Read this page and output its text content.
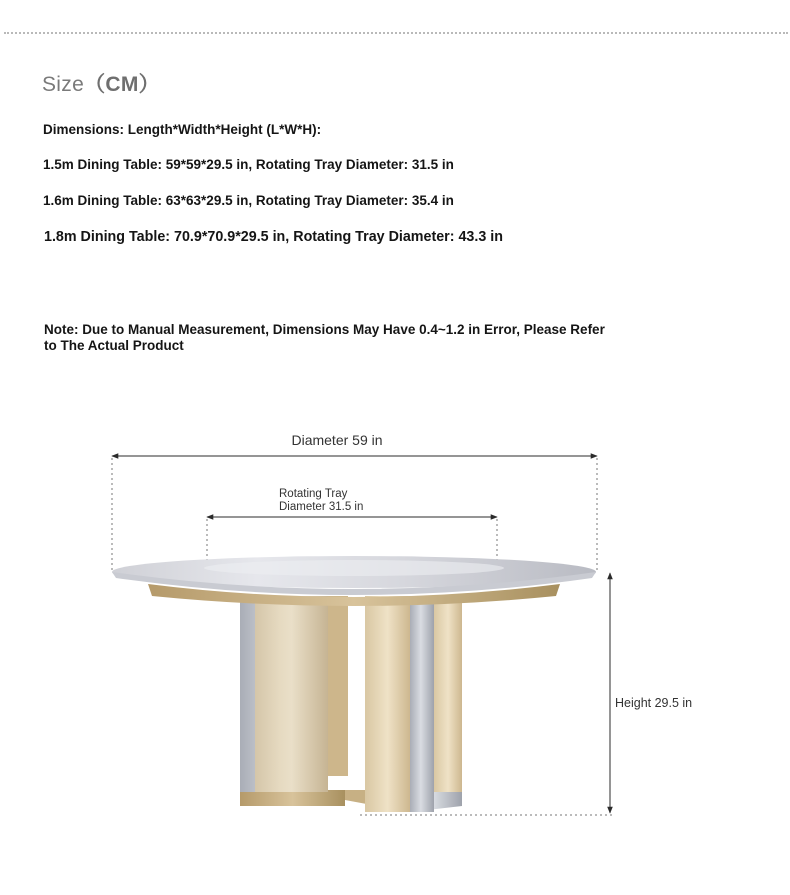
Size（CM）
Dimensions: Length*Width*Height (L*W*H):
1.5m Dining Table: 59*59*29.5 in, Rotating Tray Diameter: 31.5 in
1.6m Dining Table: 63*63*29.5 in, Rotating Tray Diameter: 35.4 in
1.8m Dining Table: 70.9*70.9*29.5 in, Rotating Tray Diameter: 43.3 in
Note: Due to Manual Measurement, Dimensions May Have 0.4~1.2 in Error, Please Refer to The Actual Product
Diameter 59 in
Rotating Tray
Diameter 31.5 in
Height 29.5 in
